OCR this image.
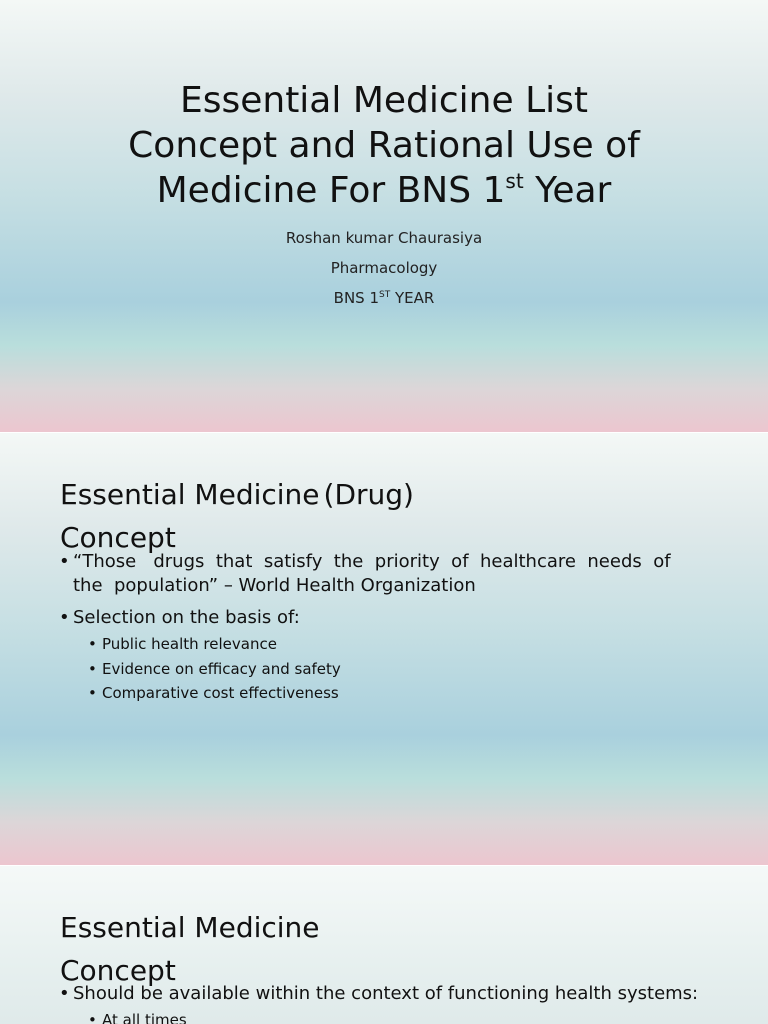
Essential Medicine List
Concept and Rational Use of
Medicine For BNS 1st Year
Roshan kumar Chaurasiya
Pharmacology
BNS 1ST YEAR
Essential Medicine (Drug)
Concept
• “Those   drugs  that  satisfy  the  priority  of  healthcare  needs  of
the  population” – World Health Organization
• Selection on the basis of:
• Public health relevance
• Evidence on efficacy and safety
• Comparative cost effectiveness
Essential Medicine
Concept
• Should be available within the context of functioning health systems:
• At all times
